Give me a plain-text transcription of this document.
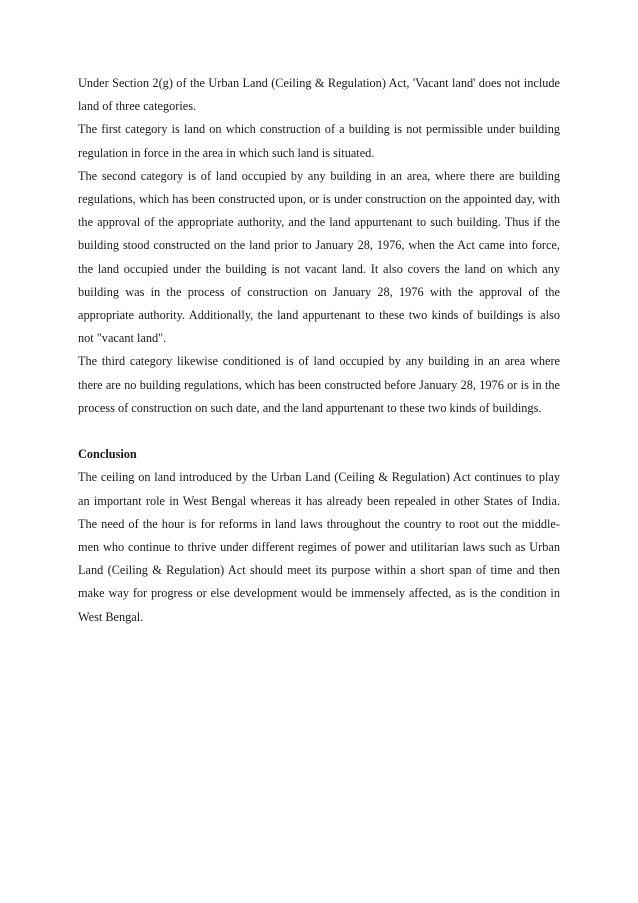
Under Section 2(g) of the Urban Land (Ceiling & Regulation) Act, 'Vacant land' does not include land of three categories.

The first category is land on which construction of a building is not permissible under building regulation in force in the area in which such land is situated.

The second category is of land occupied by any building in an area, where there are building regulations, which has been constructed upon, or is under construction on the appointed day, with the approval of the appropriate authority, and the land appurtenant to such building. Thus if the building stood constructed on the land prior to January 28, 1976, when the Act came into force, the land occupied under the building is not vacant land. It also covers the land on which any building was in the process of construction on January 28, 1976 with the approval of the appropriate authority. Additionally, the land appurtenant to these two kinds of buildings is also not "vacant land".

The third category likewise conditioned is of land occupied by any building in an area where there are no building regulations, which has been constructed before January 28, 1976 or is in the process of construction on such date, and the land appurtenant to these two kinds of buildings.

Conclusion

The ceiling on land introduced by the Urban Land (Ceiling & Regulation) Act continues to play an important role in West Bengal whereas it has already been repealed in other States of India. The need of the hour is for reforms in land laws throughout the country to root out the middle-men who continue to thrive under different regimes of power and utilitarian laws such as Urban Land (Ceiling & Regulation) Act should meet its purpose within a short span of time and then make way for progress or else development would be immensely affected, as is the condition in West Bengal.
